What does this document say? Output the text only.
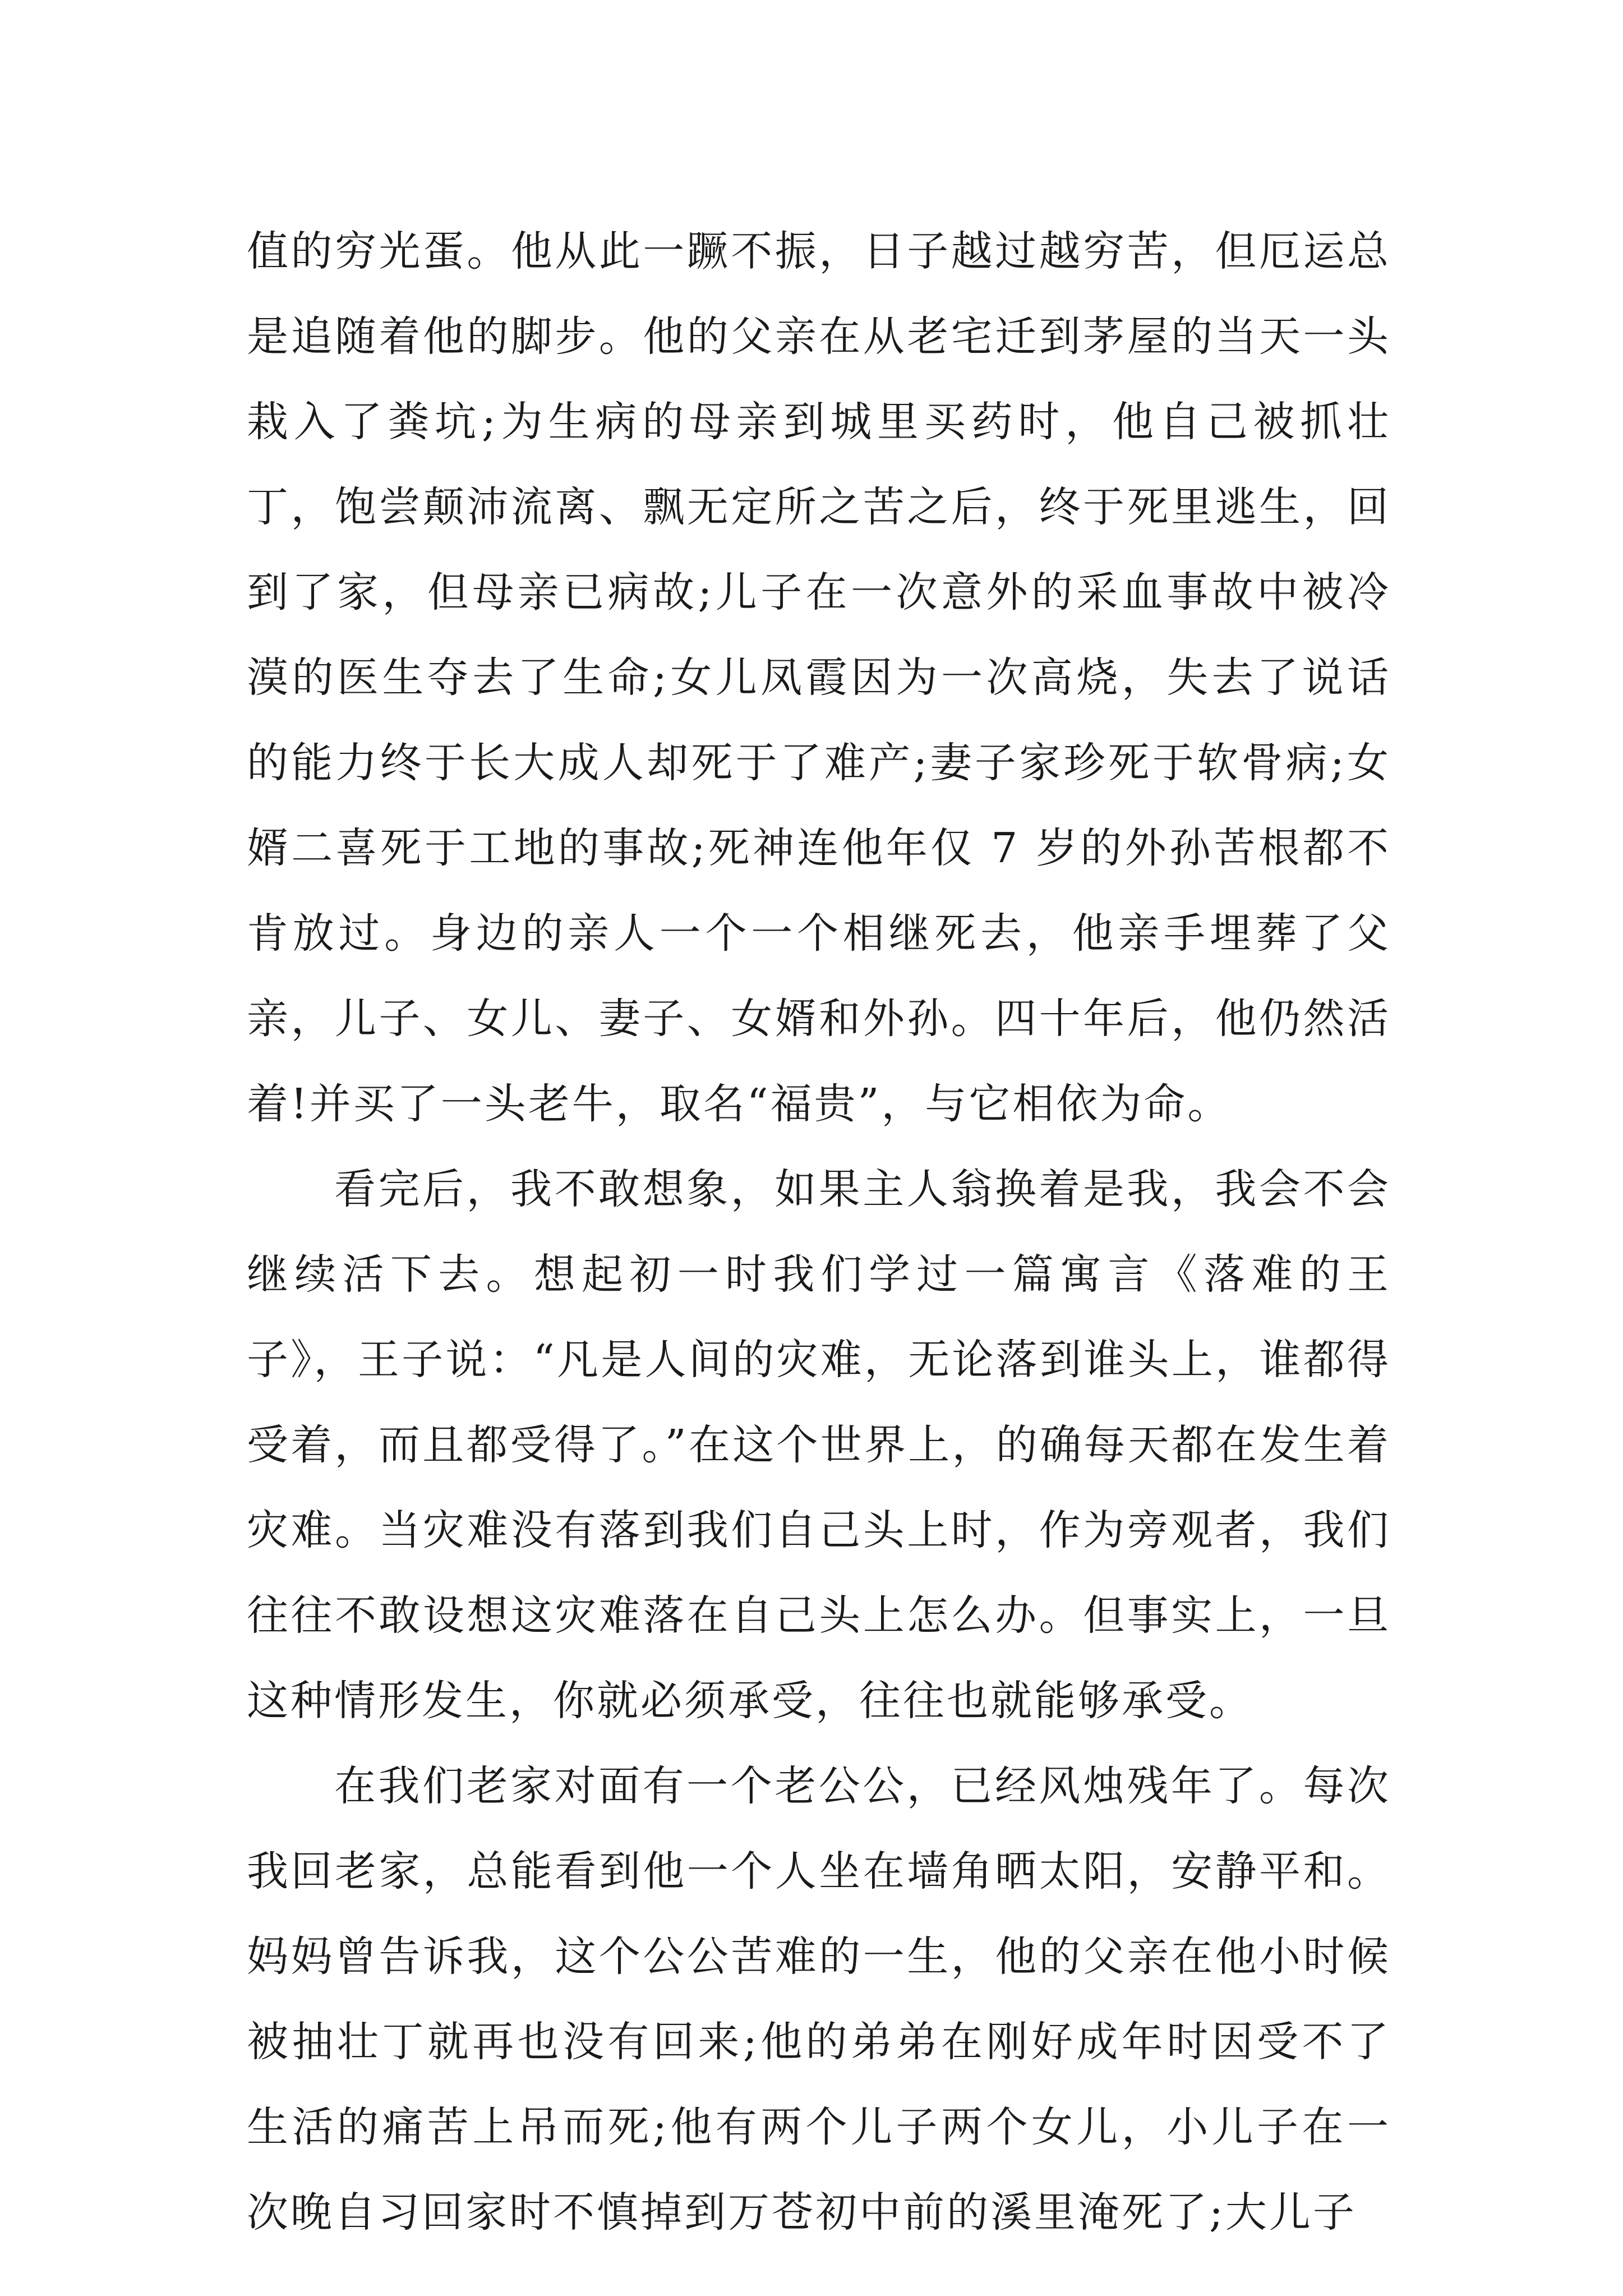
值的穷光蛋。他从此一蹶不振，日子越过越穷苦，但厄运总是追随着他的脚步。他的父亲在从老宅迁到茅屋的当天一头栽入了粪坑;为生病的母亲到城里买药时，他自己被抓壮丁，饱尝颠沛流离、飘无定所之苦之后，终于死里逃生，回到了家，但母亲已病故;儿子在一次意外的采血事故中被冷漠的医生夺去了生命;女儿凤霞因为一次高烧，失去了说话的能力终于长大成人却死于了难产;妻子家珍死于软骨病;女婿二喜死于工地的事故;死神连他年仅 7 岁的外孙苦根都不肯放过。身边的亲人一个一个相继死去，他亲手埋葬了父亲，儿子、女儿、妻子、女婿和外孙。四十年后，他仍然活着!并买了一头老牛，取名“福贵”，与它相依为命。

看完后，我不敢想象，如果主人翁换着是我，我会不会继续活下去。想起初一时我们学过一篇寓言《落难的王子》，王子说：“凡是人间的灾难，无论落到谁头上，谁都得受着，而且都受得了。”在这个世界上，的确每天都在发生着灾难。当灾难没有落到我们自己头上时，作为旁观者，我们往往不敢设想这灾难落在自己头上怎么办。但事实上，一旦这种情形发生，你就必须承受，往往也就能够承受。

在我们老家对面有一个老公公，已经风烛残年了。每次我回老家，总能看到他一个人坐在墙角晒太阳，安静平和。妈妈曾告诉我，这个公公苦难的一生，他的父亲在他小时候被抽壮丁就再也没有回来;他的弟弟在刚好成年时因受不了生活的痛苦上吊而死;他有两个儿子两个女儿，小儿子在一次晚自习回家时不慎掉到万苍初中前的溪里淹死了;大儿子
